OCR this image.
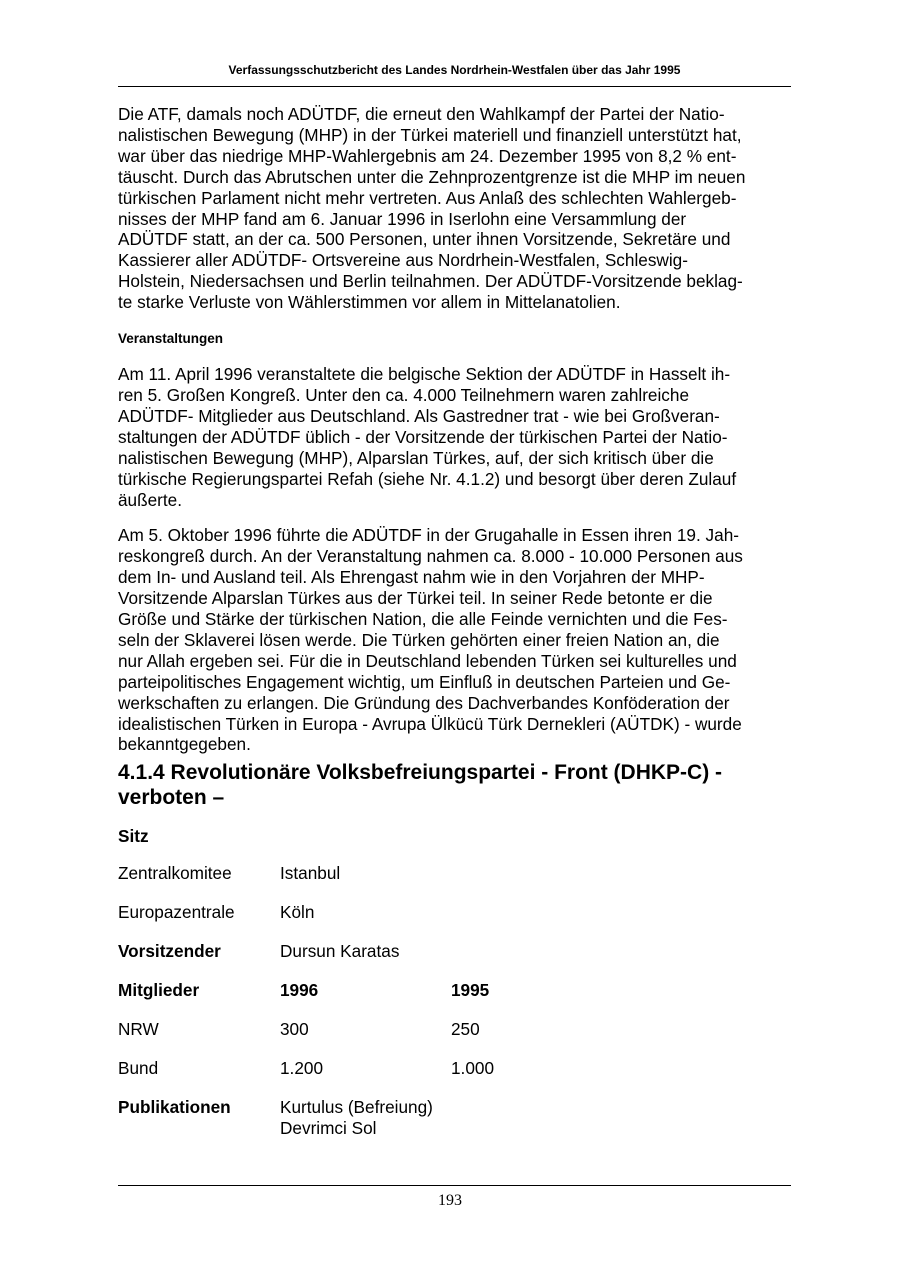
Verfassungsschutzbericht des Landes Nordrhein-Westfalen über das Jahr 1995

Die ATF, damals noch ADÜTDF, die erneut den Wahlkampf der Partei der Natio-
nalistischen Bewegung (MHP) in der Türkei materiell und finanziell unterstützt hat,
war über das niedrige MHP-Wahlergebnis am 24. Dezember 1995 von 8,2 % ent-
täuscht. Durch das Abrutschen unter die Zehnprozentgrenze ist die MHP im neuen
türkischen Parlament nicht mehr vertreten. Aus Anlaß des schlechten Wahlergeb-
nisses der MHP fand am 6. Januar 1996 in Iserlohn eine Versammlung der
ADÜTDF statt, an der ca. 500 Personen, unter ihnen Vorsitzende, Sekretäre und
Kassierer aller ADÜTDF- Ortsvereine aus Nordrhein-Westfalen, Schleswig-
Holstein, Niedersachsen und Berlin teilnahmen. Der ADÜTDF-Vorsitzende beklag-
te starke Verluste von Wählerstimmen vor allem in Mittelanatolien.

Veranstaltungen

Am 11. April 1996 veranstaltete die belgische Sektion der ADÜTDF in Hasselt ih-
ren 5. Großen Kongreß. Unter den ca. 4.000 Teilnehmern waren zahlreiche
ADÜTDF- Mitglieder aus Deutschland. Als Gastredner trat - wie bei Großveran-
staltungen der ADÜTDF üblich - der Vorsitzende der türkischen Partei der Natio-
nalistischen Bewegung (MHP), Alparslan Türkes, auf, der sich kritisch über die
türkische Regierungspartei Refah (siehe Nr. 4.1.2) und besorgt über deren Zulauf
äußerte.

Am 5. Oktober 1996 führte die ADÜTDF in der Grugahalle in Essen ihren 19. Jah-
reskongreß durch. An der Veranstaltung nahmen ca. 8.000 - 10.000 Personen aus
dem In- und Ausland teil. Als Ehrengast nahm wie in den Vorjahren der MHP-
Vorsitzende Alparslan Türkes aus der Türkei teil. In seiner Rede betonte er die
Größe und Stärke der türkischen Nation, die alle Feinde vernichten und die Fes-
seln der Sklaverei lösen werde. Die Türken gehörten einer freien Nation an, die
nur Allah ergeben sei. Für die in Deutschland lebenden Türken sei kulturelles und
parteipolitisches Engagement wichtig, um Einfluß in deutschen Parteien und Ge-
werkschaften zu erlangen. Die Gründung des Dachverbandes Konföderation der
idealistischen Türken in Europa - Avrupa Ülkücü Türk Dernekleri (AÜTDK) - wurde
bekanntgegeben.

4.1.4 Revolutionäre Volksbefreiungspartei - Front (DHKP-C) -
verboten –
Sitz
Zentralkomitee	Istanbul
Europazentrale	Köln
Vorsitzender	Dursun Karatas
Mitglieder	1996	1995
NRW	300	250
Bund	1.200	1.000
Publikationen	Kurtulus (Befreiung)
Devrimci Sol
193
